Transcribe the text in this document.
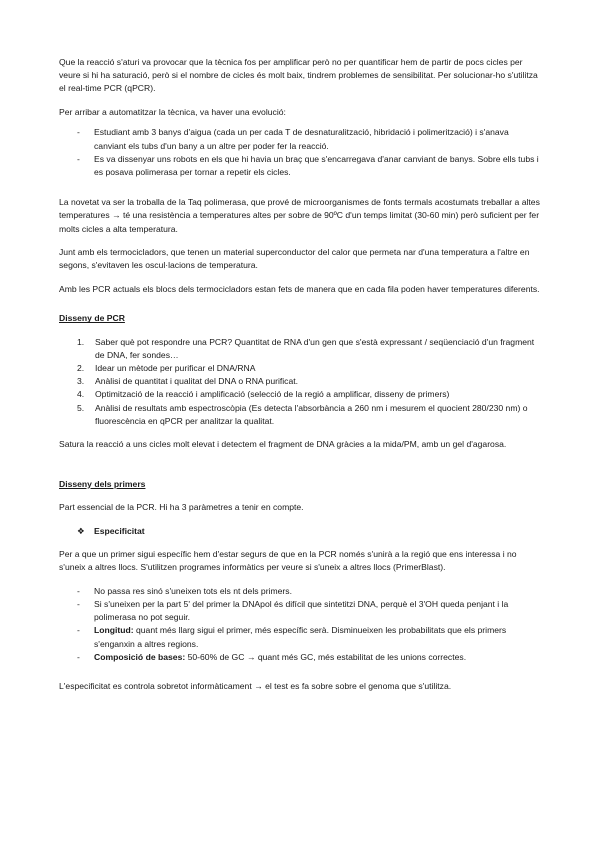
Que la reacció s'aturi va provocar que la tècnica fos per amplificar però no per quantificar hem de partir de pocs cicles per veure si hi ha saturació, però si el nombre de cicles és molt baix, tindrem problemes de sensibilitat. Per solucionar-ho s'utilitza el real-time PCR (qPCR).

Per arribar a automatitzar la tècnica, va haver una evolució:

- Estudiant amb 3 banys d'aigua (cada un per cada T de desnaturalització, hibridació i polimerització) i s'anava canviant els tubs d'un bany a un altre per poder fer la reacció.
- Es va dissenyar uns robots en els que hi havia un braç que s'encarregava d'anar canviant de banys. Sobre ells tubs i es posava polimerasa per tornar a repetir els cicles.

La novetat va ser la troballa de la Taq polimerasa, que prové de microorganismes de fonts termals acostumats treballar a altes temperatures → té una resistència a temperatures altes per sobre de 90ºC d'un temps limitat (30-60 min) però suficient per fer molts cicles a alta temperatura.

Junt amb els termocicladors, que tenen un material superconductor del calor que permeta nar d'una temperatura a l'altre en segons, s'evitaven les oscul·lacions de temperatura.

Amb les PCR actuals els blocs dels termocicladors estan fets de manera que en cada fila poden haver temperatures diferents.

Disseny de PCR

1. Saber què pot respondre una PCR? Quantitat de RNA d'un gen que s'està expressant / seqüenciació d'un fragment de DNA, fer sondes…
2. Idear un mètode per purificar el DNA/RNA
3. Anàlisi de quantitat i qualitat del DNA o RNA purificat.
4. Optimització de la reacció i amplificació (selecció de la regió a amplificar, disseny de primers)
5. Anàlisi de resultats amb espectroscòpia (Es detecta l'absorbància a 260 nm i mesurem el quocient 280/230 nm) o fluorescència en qPCR per analitzar la qualitat.

Satura la reacció a uns cicles molt elevat i detectem el fragment de DNA gràcies a la mida/PM, amb un gel d'agarosa.

Disseny dels primers

Part essencial de la PCR. Hi ha 3 paràmetres a tenir en compte.

❖ Especificitat

Per a que un primer sigui específic hem d'estar segurs de que en la PCR només s'unirà a la regió que ens interessa i no s'uneix a altres llocs. S'utilitzen programes informàtics per veure si s'uneix a altres llocs (PrimerBlast).

- No passa res sinó s'uneixen tots els nt dels primers.
- Si s'uneixen per la part 5' del primer la DNApol és difícil que sintetitzi DNA, perquè el 3'OH queda penjant i la polimerasa no pot seguir.
- Longitud: quant més llarg sigui el primer, més específic serà. Disminueixen les probabilitats que els primers s'enganxin a altres regions.
- Composició de bases: 50-60% de GC → quant més GC, més estabilitat de les unions correctes.

L'especificitat es controla sobretot informàticament → el test es fa sobre sobre el genoma que s'utilitza.
